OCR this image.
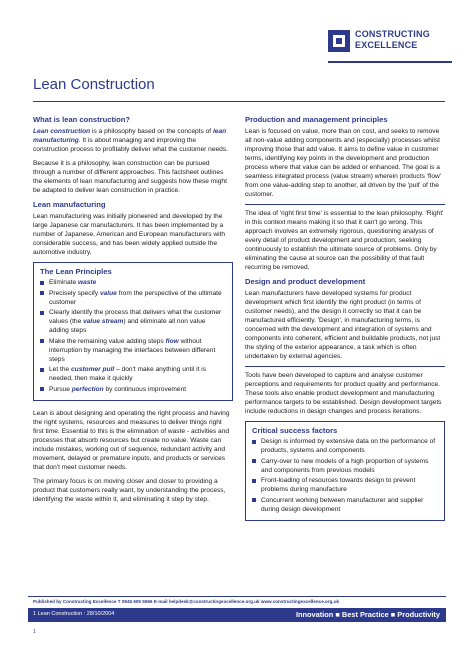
CONSTRUCTING
EXCELLENCE
Lean Construction
What is lean construction?
Lean construction is a philosophy based on the concepts of lean manufacturing. It is about managing and improving the construction process to profitably deliver what the customer needs.
Because it is a philosophy, lean construction can be pursued through a number of different approaches. This factsheet outlines the elements of lean manufacturing and suggests how these might be adapted to deliver lean construction in practice.
Lean manufacturing
Lean manufacturing was initially pioneered and developed by the large Japanese car manufacturers. It has been implemented by a number of Japanese, American and European manufacturers with considerable success, and has been widely applied outside the automotive industry.
The Lean Principles
Eliminate waste
Precisely specify value from the perspective of the ultimate customer
Clearly identify the process that delivers what the customer values (the value stream) and eliminate all non value adding steps
Make the remaining value adding steps flow without interruption by managing the interfaces between different steps
Let the customer pull – don't make anything until it is needed, then make it quickly
Pursue perfection by continuous improvement
Lean is about designing and operating the right process and having the right systems, resources and measures to deliver things right first time. Essential to this is the elimination of waste - activities and processes that absorb resources but create no value. Waste can include mistakes, working out of sequence, redundant activity and movement, delayed or premature inputs, and products or services that don't meet customer needs.
The primary focus is on moving closer and closer to providing a product that customers really want, by understanding the process, identifying the waste within it, and eliminating it step by step.
Production and management principles
Lean is focused on value, more than on cost, and seeks to remove all non-value adding components and (especially) processes whilst improving those that add value. It aims to define value in customer terms, identifying key points in the development and production process where that value can be added or enhanced. The goal is a seamless integrated process (value stream) wherein products 'flow' from one value-adding step to another, all driven by the 'pull' of the customer.
The idea of 'right first time' is essential to the lean philosophy. 'Right' in this context means making it so that it can't go wrong. This approach involves an extremely rigorous, questioning analysis of every detail of product development and production, seeking continuously to establish the ultimate source of problems. Only by eliminating the cause at source can the possibility of that fault recurring be removed.
Design and product development
Lean manufacturers have developed systems for product development which first identify the right product (in terms of customer needs), and the design it correctly so that it can be manufactured efficiently. 'Design', in manufacturing terms, is concerned with the development and integration of systems and components into coherent, efficient and buildable products, not just the styling of the exterior appearance, a task which is often undertaken by external agencies.
Tools have been developed to capture and analyse customer perceptions and requirements for product quality and performance. These tools also enable product development and manufacturing performance targets to be established. Design development targets include reductions in design changes and process iterations.
Critical success factors
Design is informed by extensive data on the performance of products, systems and components
Carry-over to new models of a high proportion of systems and components from previous models
Front-loading of resources towards design to prevent problems during manufacture
Concurrent working between manufacturer and supplier during design development
Published by Constructing Excellence T 0845 605 5556 E-mail helpdesk@constructingexcellence.org.uk www.constructingexcellence.org.uk
1 Lean Construction : 28/10/2004	Innovation ■ Best Practice ■ Productivity
1
